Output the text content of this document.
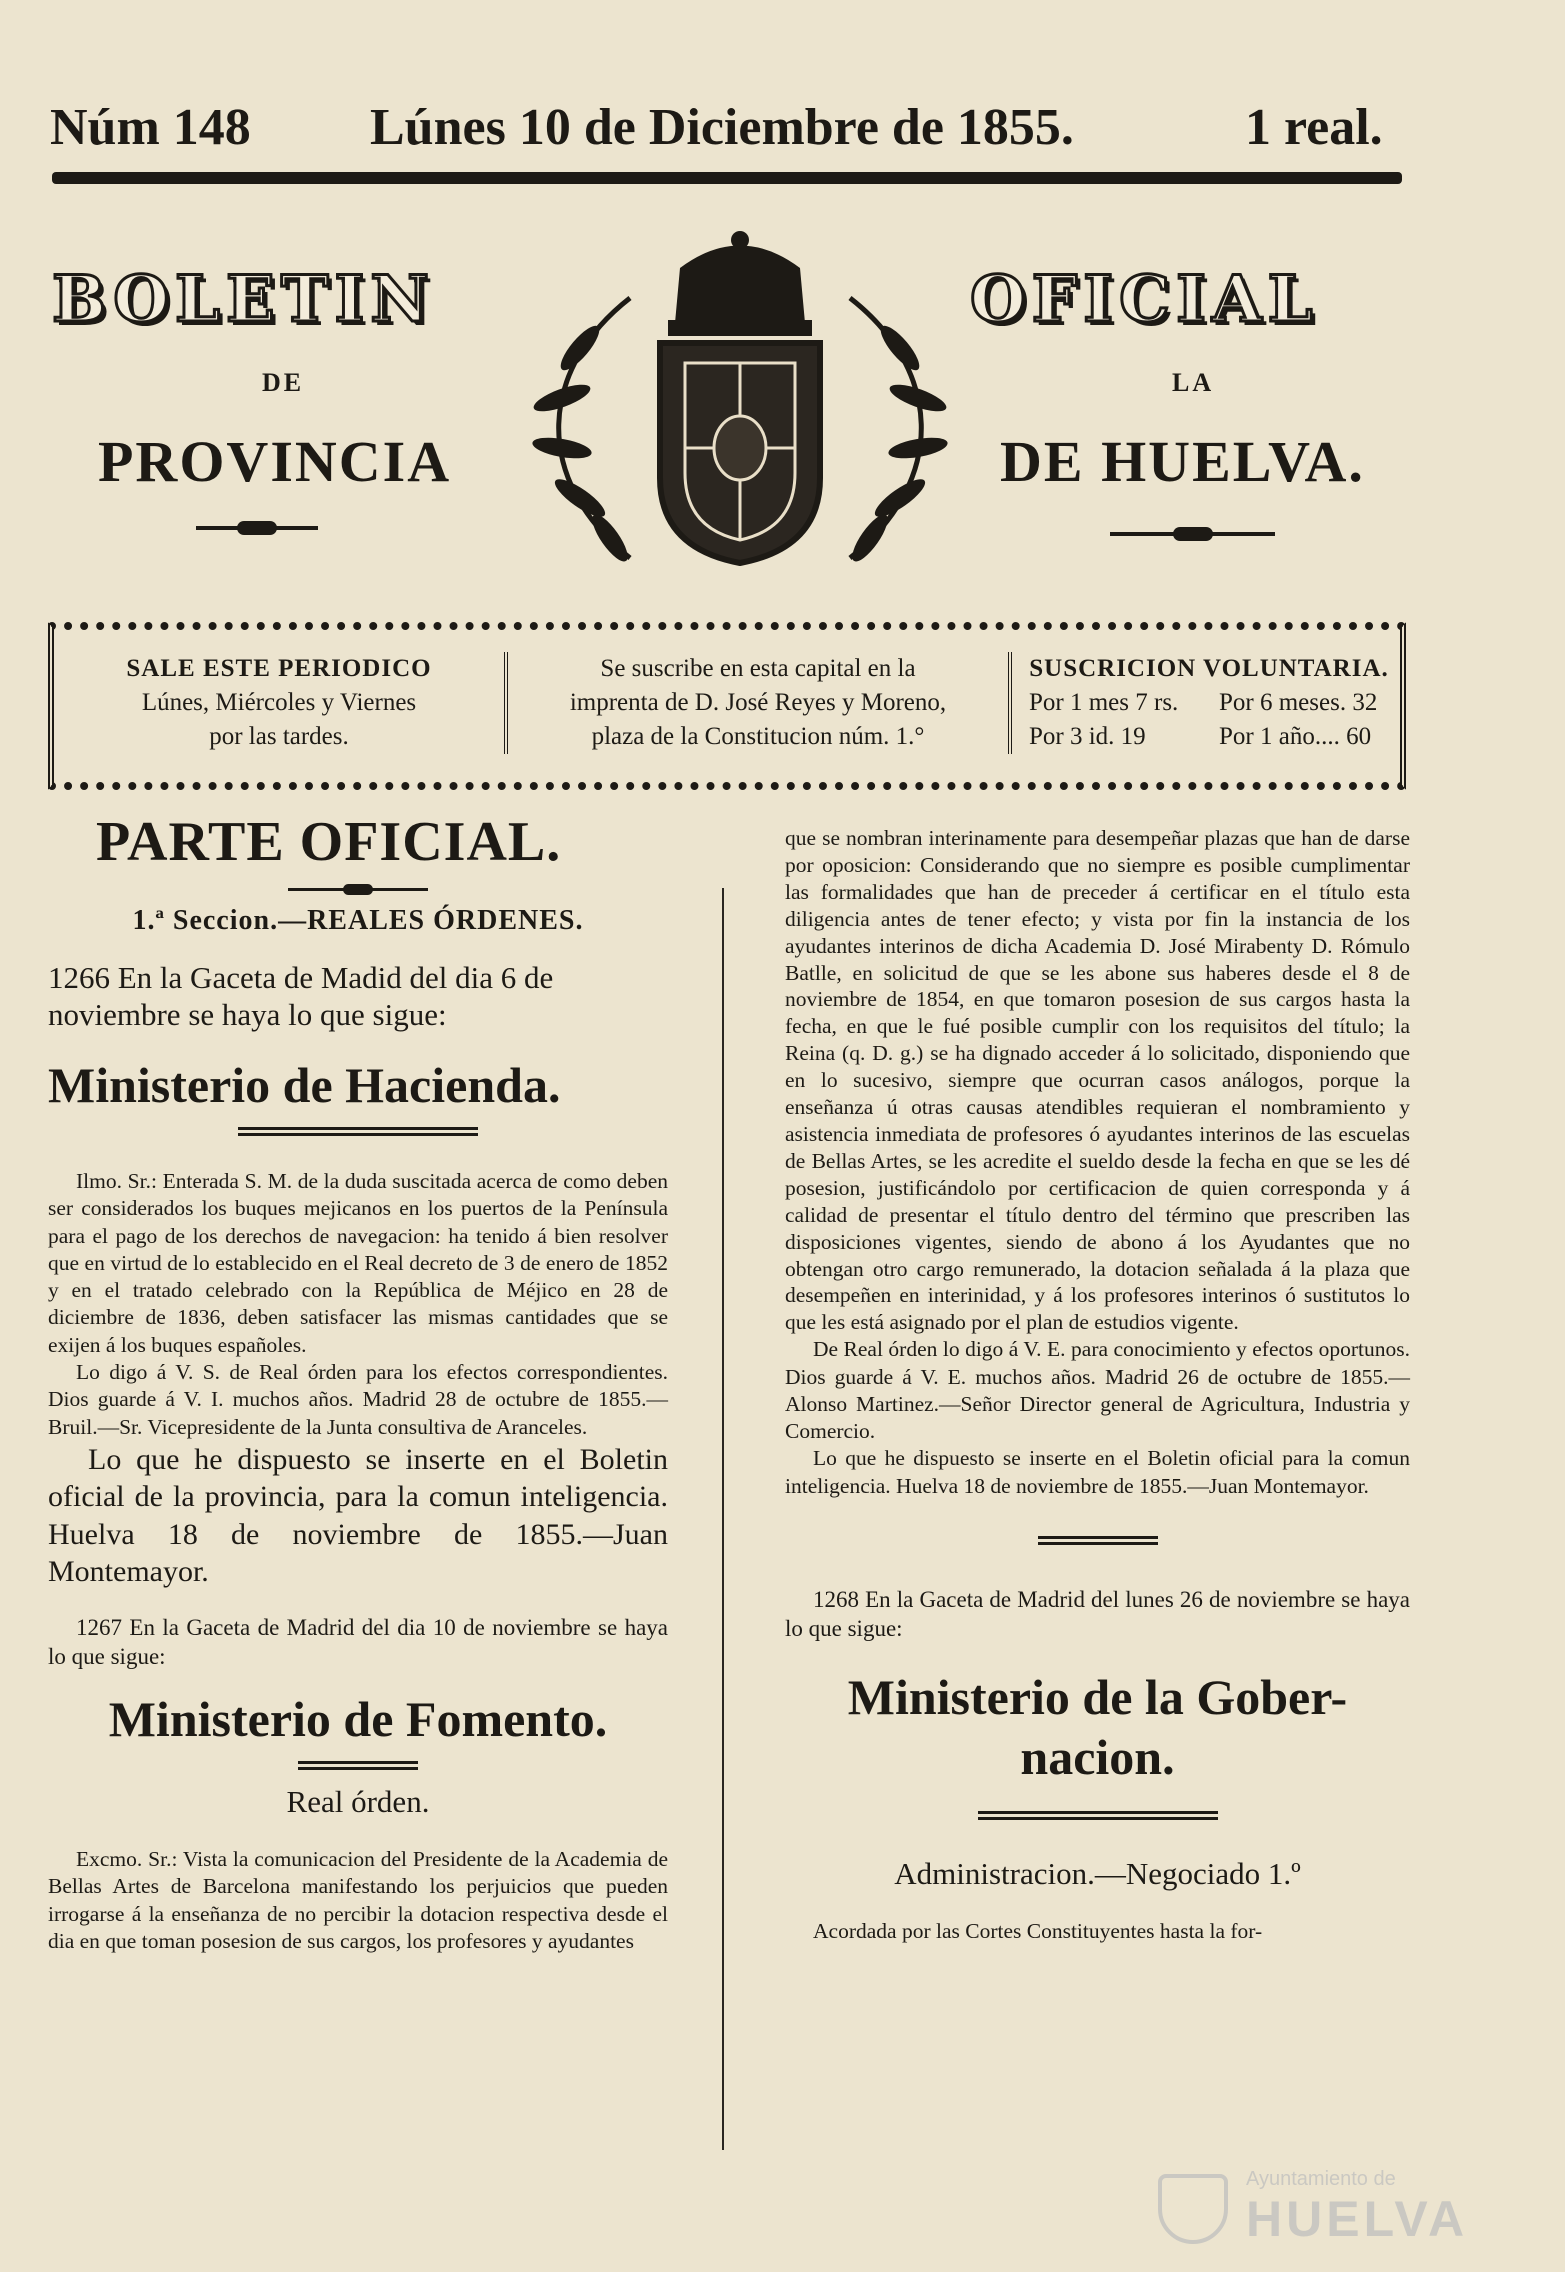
Núm 148 Lúnes 10 de Diciembre de 1855.	1 real.
BOLETIN	OFICIAL
DE	LA
PROVINCIA	DE HUELVA.
SALE ESTE PERIODICO
Lúnes, Miércoles y Viernes
por las tardes.
Se suscribe en esta capital en la
imprenta de D. José Reyes y Moreno,
plaza de la Constitucion núm. 1.°
SUSCRICION VOLUNTARIA.
Por 1 mes 7 rs.	Por 6 meses. 32
Por 3 id. 19	Por 1 año.... 60
PARTE OFICIAL.
1.ª Seccion.—REALES ÓRDENES.

1266 En la Gaceta de Madid del dia 6 de noviembre se haya lo que sigue:

Ministerio de Hacienda.

Ilmo. Sr.: Enterada S. M. de la duda suscitada acerca de como deben ser considerados los buques mejicanos en los puertos de la Península para el pago de los derechos de navegacion: ha tenido á bien resolver que en virtud de lo establecido en el Real decreto de 3 de enero de 1852 y en el tratado celebrado con la República de Méjico en 28 de diciembre de 1836, deben satisfacer las mismas cantidades que se exijen á los buques españoles.

Lo digo á V. S. de Real órden para los efectos correspondientes. Dios guarde á V. I. muchos años. Madrid 28 de octubre de 1855.—Bruil.—Sr. Vicepresidente de la Junta consultiva de Aranceles.

Lo que he dispuesto se inserte en el Boletin oficial de la provincia, para la comun inteligencia. Huelva 18 de noviembre de 1855.—Juan Montemayor.

1267 En la Gaceta de Madrid del dia 10 de noviembre se haya lo que sigue:

Ministerio de Fomento.
Real órden.

Excmo. Sr.: Vista la comunicacion del Presidente de la Academia de Bellas Artes de Barcelona manifestando los perjuicios que pueden irrogarse á la enseñanza de no percibir la dotacion respectiva desde el dia en que toman posesion de sus cargos, los profesores y ayudantes

que se nombran interinamente para desempeñar plazas que han de darse por oposicion: Considerando que no siempre es posible cumplimentar las formalidades que han de preceder á certificar en el título esta diligencia antes de tener efecto; y vista por fin la instancia de los ayudantes interinos de dicha Academia D. José Mirabenty D. Rómulo Batlle, en solicitud de que se les abone sus haberes desde el 8 de noviembre de 1854, en que tomaron posesion de sus cargos hasta la fecha, en que le fué posible cumplir con los requisitos del título; la Reina (q. D. g.) se ha dignado acceder á lo solicitado, disponiendo que en lo sucesivo, siempre que ocurran casos análogos, porque la enseñanza ú otras causas atendibles requieran el nombramiento y asistencia inmediata de profesores ó ayudantes interinos de las escuelas de Bellas Artes, se les acredite el sueldo desde la fecha en que se les dé posesion, justificándolo por certificacion de quien corresponda y á calidad de presentar el título dentro del término que prescriben las disposiciones vigentes, siendo de abono á los Ayudantes que no obtengan otro cargo remunerado, la dotacion señalada á la plaza que desempeñen en interinidad, y á los profesores interinos ó sustitutos lo que les está asignado por el plan de estudios vigente.

De Real órden lo digo á V. E. para conocimiento y efectos oportunos. Dios guarde á V. E. muchos años. Madrid 26 de octubre de 1855.—Alonso Martinez.—Señor Director general de Agricultura, Industria y Comercio.

Lo que he dispuesto se inserte en el Boletin oficial para la comun inteligencia. Huelva 18 de noviembre de 1855.—Juan Montemayor.

1268 En la Gaceta de Madrid del lunes 26 de noviembre se haya lo que sigue:

Ministerio de la Gober-
nacion.
Administracion.—Negociado 1.º

Acordada por las Cortes Constituyentes hasta la for-

Ayuntamiento de
HUELVA
